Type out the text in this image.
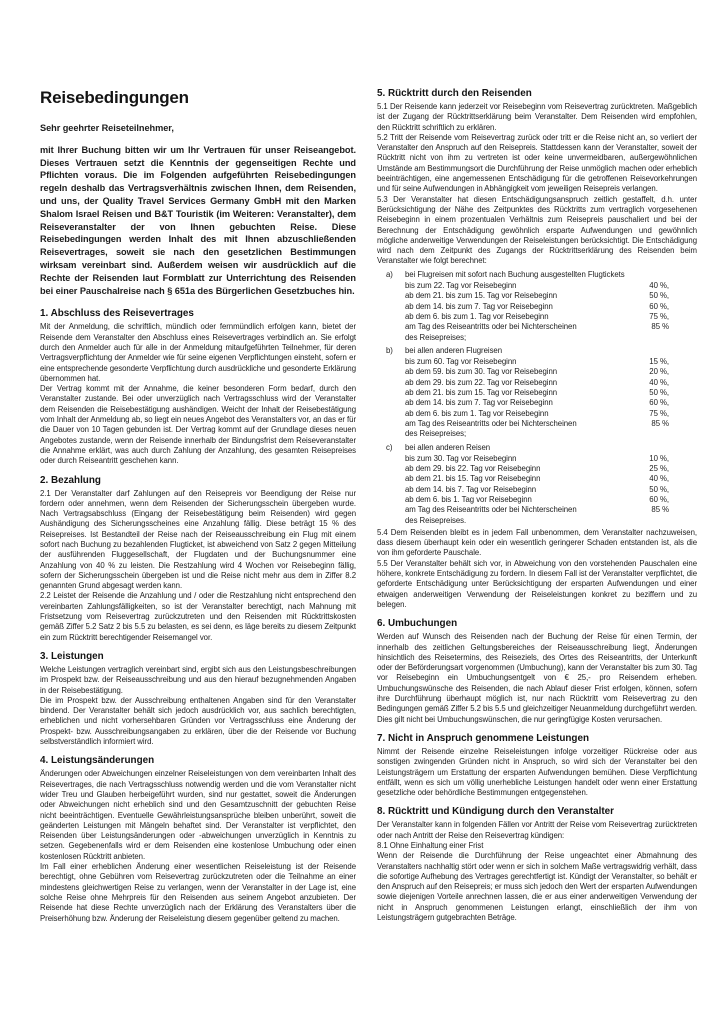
Reisebedingungen

Sehr geehrter Reiseteilnehmer,

mit Ihrer Buchung bitten wir um Ihr Vertrauen für unser Reiseangebot. Dieses Vertrauen setzt die Kenntnis der gegenseitigen Rechte und Pflichten voraus. Die im Folgenden aufgeführten Reisebedingungen regeln deshalb das Vertragsverhältnis zwischen Ihnen, dem Reisenden, und uns, der Quality Travel Services Germany GmbH mit den Marken Shalom Israel Reisen und B&T Touristik (im Weiteren: Veranstalter), dem Reiseveranstalter der von Ihnen gebuchten Reise. Diese Reisebedingungen werden Inhalt des mit Ihnen abzuschließenden Reisevertrages, soweit sie nach den gesetzlichen Bestimmungen wirksam vereinbart sind. Außerdem weisen wir ausdrücklich auf die Rechte der Reisenden laut Formblatt zur Unterrichtung des Reisenden bei einer Pauschalreise nach § 651a des Bürgerlichen Gesetzbuches hin.

1. Abschluss des Reisevertrages

Mit der Anmeldung, die schriftlich, mündlich oder fernmündlich erfolgen kann, bietet der Reisende dem Veranstalter den Abschluss eines Reisevertrages verbindlich an. Sie erfolgt durch den Anmelder auch für alle in der Anmeldung mitaufgeführten Teilnehmer, für deren Vertragsverpflichtung der Anmelder wie für seine eigenen Verpflichtungen einsteht, sofern er eine entsprechende gesonderte Verpflichtung durch ausdrückliche und gesonderte Erklärung übernommen hat.

Der Vertrag kommt mit der Annahme, die keiner besonderen Form bedarf, durch den Veranstalter zustande. Bei oder unverzüglich nach Vertragsschluss wird der Veranstalter dem Reisenden die Reisebestätigung aushändigen. Weicht der Inhalt der Reisebestätigung vom Inhalt der Anmeldung ab, so liegt ein neues Angebot des Veranstalters vor, an das er für die Dauer von 10 Tagen gebunden ist. Der Vertrag kommt auf der Grundlage dieses neuen Angebotes zustande, wenn der Reisende innerhalb der Bindungsfrist dem Reiseveranstalter die Annahme erklärt, was auch durch Zahlung der Anzahlung, des gesamten Reisepreises oder durch Reiseantritt geschehen kann.

2. Bezahlung

2.1 Der Veranstalter darf Zahlungen auf den Reisepreis vor Beendigung der Reise nur fordern oder annehmen, wenn dem Reisenden der Sicherungsschein übergeben wurde. Nach Vertragsabschluss (Eingang der Reisebestätigung beim Reisenden) wird gegen Aushändigung des Sicherungsscheines eine Anzahlung fällig. Diese beträgt 15 % des Reisepreises. Ist Bestandteil der Reise nach der Reiseausschreibung ein Flug mit einem sofort nach Buchung zu bezahlenden Flugticket, ist abweichend von Satz 2 gegen Mitteilung der ausführenden Fluggesellschaft, der Flugdaten und der Buchungsnummer eine Anzahlung von 40 % zu leisten. Die Restzahlung wird 4 Wochen vor Reisebeginn fällig, sofern der Sicherungsschein übergeben ist und die Reise nicht mehr aus dem in Ziffer 8.2 genannten Grund abgesagt werden kann.

2.2 Leistet der Reisende die Anzahlung und / oder die Restzahlung nicht entsprechend den vereinbarten Zahlungsfälligkeiten, so ist der Veranstalter berechtigt, nach Mahnung mit Fristsetzung vom Reisevertrag zurückzutreten und den Reisenden mit Rücktrittskosten gemäß Ziffer 5.2 Satz 2 bis 5.5 zu belasten, es sei denn, es läge bereits zu diesem Zeitpunkt ein zum Rücktritt berechtigender Reisemangel vor.

3. Leistungen

Welche Leistungen vertraglich vereinbart sind, ergibt sich aus den Leistungsbeschreibungen im Prospekt bzw. der Reiseausschreibung und aus den hierauf bezugnehmenden Angaben in der Reisebestätigung.

Die im Prospekt bzw. der Ausschreibung enthaltenen Angaben sind für den Veranstalter bindend. Der Veranstalter behält sich jedoch ausdrücklich vor, aus sachlich berechtigten, erheblichen und nicht vorhersehbaren Gründen vor Vertragsschluss eine Änderung der Prospekt- bzw. Ausschreibungsangaben zu erklären, über die der Reisende vor Buchung selbstverständlich informiert wird.

4. Leistungsänderungen

Änderungen oder Abweichungen einzelner Reiseleistungen von dem vereinbarten Inhalt des Reisevertrages, die nach Vertragsschluss notwendig werden und die vom Veranstalter nicht wider Treu und Glauben herbeigeführt wurden, sind nur gestattet, soweit die Änderungen oder Abweichungen nicht erheblich sind und den Gesamtzuschnitt der gebuchten Reise nicht beeinträchtigen. Eventuelle Gewährleistungsansprüche bleiben unberührt, soweit die geänderten Leistungen mit Mängeln behaftet sind. Der Veranstalter ist verpflichtet, den Reisenden über Leistungsänderungen oder -abweichungen unverzüglich in Kenntnis zu setzen. Gegebenenfalls wird er dem Reisenden eine kostenlose Umbuchung oder einen kostenlosen Rücktritt anbieten.

Im Fall einer erheblichen Änderung einer wesentlichen Reiseleistung ist der Reisende berechtigt, ohne Gebühren vom Reisevertrag zurückzutreten oder die Teilnahme an einer mindestens gleichwertigen Reise zu verlangen, wenn der Veranstalter in der Lage ist, eine solche Reise ohne Mehrpreis für den Reisenden aus seinem Angebot anzubieten. Der Reisende hat diese Rechte unverzüglich nach der Erklärung des Veranstalters über die Preiserhöhung bzw. Änderung der Reiseleistung diesem gegenüber geltend zu machen.

5. Rücktritt durch den Reisenden

5.1 Der Reisende kann jederzeit vor Reisebeginn vom Reisevertrag zurücktreten. Maßgeblich ist der Zugang der Rücktrittserklärung beim Veranstalter. Dem Reisenden wird empfohlen, den Rücktritt schriftlich zu erklären.

5.2 Tritt der Reisende vom Reisevertrag zurück oder tritt er die Reise nicht an, so verliert der Veranstalter den Anspruch auf den Reisepreis. Stattdessen kann der Veranstalter, soweit der Rücktritt nicht von ihm zu vertreten ist oder keine unvermeidbaren, außergewöhnlichen Umstände am Bestimmungsort die Durchführung der Reise unmöglich machen oder erheblich beeinträchtigen, eine angemessenen Entschädigung für die getroffenen Reisevorkehrungen und für seine Aufwendungen in Abhängigkeit vom jeweiligen Reisepreis verlangen.

5.3 Der Veranstalter hat diesen Entschädigungsanspruch zeitlich gestaffelt, d.h. unter Berücksichtigung der Nähe des Zeitpunktes des Rücktritts zum vertraglich vorgesehenen Reisebeginn in einem prozentualen Verhältnis zum Reisepreis pauschaliert und bei der Berechnung der Entschädigung gewöhnlich ersparte Aufwendungen und gewöhnlich mögliche anderweitige Verwendungen der Reiseleistungen berücksichtigt. Die Entschädigung wird nach dem Zeitpunkt des Zugangs der Rücktrittserklärung des Reisenden beim Veranstalter wie folgt berechnet:

a)	bei Flugreisen mit sofort nach Buchung ausgestellten Flugtickets
bis zum 22. Tag vor Reisebeginn	40 %,
ab dem 21. bis zum 15. Tag vor Reisebeginn	50 %,
ab dem 14. bis zum 7. Tag vor Reisebeginn	60 %,
ab dem 6. bis zum 1. Tag vor Reisebeginn	75 %,
am Tag des Reiseantritts oder bei Nichterscheinen	85 %
des Reisepreises;
b)	bei allen anderen Flugreisen
bis zum 60. Tag vor Reisebeginn	15 %,
ab dem 59. bis zum 30. Tag vor Reisebeginn	20 %,
ab dem 29. bis zum 22. Tag vor Reisebeginn	40 %,
ab dem 21. bis zum 15. Tag vor Reisebeginn	50 %,
ab dem 14. bis zum 7. Tag vor Reisebeginn	60 %,
ab dem 6. bis zum 1. Tag vor Reisebeginn	75 %,
am Tag des Reiseantritts oder bei Nichterscheinen	85 %
des Reisepreises;
c)	bei allen anderen Reisen
bis zum 30. Tag vor Reisebeginn	10 %,
ab dem 29. bis 22. Tag vor Reisebeginn	25 %,
ab dem 21. bis 15. Tag vor Reisebeginn	40 %,
ab dem 14. bis 7. Tag vor Reisebeginn	50 %,
ab dem 6. bis 1. Tag vor Reisebeginn	60 %,
am Tag des Reiseantritts oder bei Nichterscheinen	85 %
des Reisepreises.

5.4 Dem Reisenden bleibt es in jedem Fall unbenommen, dem Veranstalter nachzuweisen, dass diesem überhaupt kein oder ein wesentlich geringerer Schaden entstanden ist, als die von ihm geforderte Pauschale.

5.5 Der Veranstalter behält sich vor, in Abweichung von den vorstehenden Pauschalen eine höhere, konkrete Entschädigung zu fordern. In diesem Fall ist der Veranstalter verpflichtet, die geforderte Entschädigung unter Berücksichtigung der ersparten Aufwendungen und einer etwaigen anderweitigen Verwendung der Reiseleistungen konkret zu beziffern und zu belegen.

6. Umbuchungen

Werden auf Wunsch des Reisenden nach der Buchung der Reise für einen Termin, der innerhalb des zeitlichen Geltungsbereiches der Reiseausschreibung liegt, Änderungen hinsichtlich des Reisetermins, des Reiseziels, des Ortes des Reiseantritts, der Unterkunft oder der Beförderungsart vorgenommen (Umbuchung), kann der Veranstalter bis zum 30. Tag vor Reisebeginn ein Umbuchungsentgelt von € 25,- pro Reisendem erheben. Umbuchungswünsche des Reisenden, die nach Ablauf dieser Frist erfolgen, können, sofern ihre Durchführung überhaupt möglich ist, nur nach Rücktritt vom Reisevertrag zu den Bedingungen gemäß Ziffer 5.2 bis 5.5 und gleichzeitiger Neuanmeldung durchgeführt werden. Dies gilt nicht bei Umbuchungswünschen, die nur geringfügige Kosten verursachen.

7. Nicht in Anspruch genommene Leistungen

Nimmt der Reisende einzelne Reiseleistungen infolge vorzeitiger Rückreise oder aus sonstigen zwingenden Gründen nicht in Anspruch, so wird sich der Veranstalter bei den Leistungsträgern um Erstattung der ersparten Aufwendungen bemühen. Diese Verpflichtung entfällt, wenn es sich um völlig unerhebliche Leistungen handelt oder wenn einer Erstattung gesetzliche oder behördliche Bestimmungen entgegenstehen.

8. Rücktritt und Kündigung durch den Veranstalter

Der Veranstalter kann in folgenden Fällen vor Antritt der Reise vom Reisevertrag zurücktreten oder nach Antritt der Reise den Reisevertrag kündigen:

8.1 Ohne Einhaltung einer Frist

Wenn der Reisende die Durchführung der Reise ungeachtet einer Abmahnung des Veranstalters nachhaltig stört oder wenn er sich in solchem Maße vertragswidrig verhält, dass die sofortige Aufhebung des Vertrages gerechtfertigt ist. Kündigt der Veranstalter, so behält er den Anspruch auf den Reisepreis; er muss sich jedoch den Wert der ersparten Aufwendungen sowie diejenigen Vorteile anrechnen lassen, die er aus einer anderweitigen Verwendung der nicht in Anspruch genommenen Leistungen erlangt, einschließlich der ihm von Leistungsträgern gutgebrachten Beträge.
